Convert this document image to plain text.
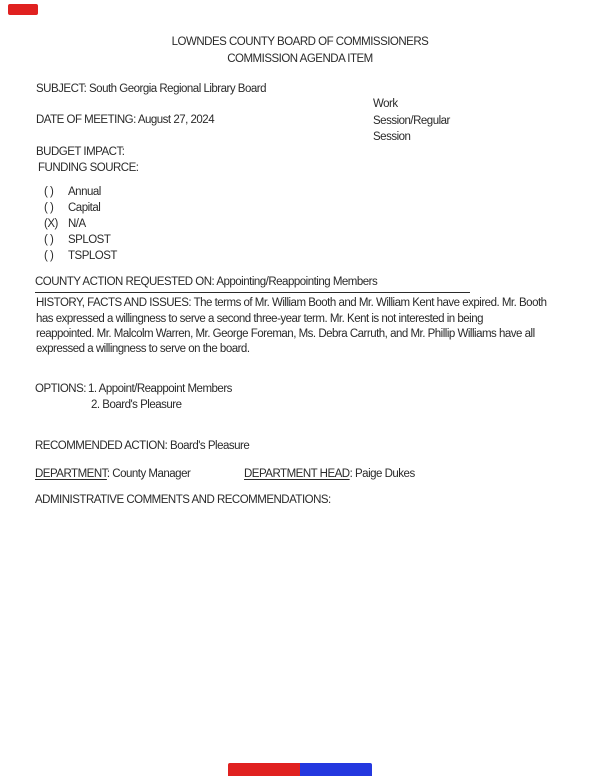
LOWNDES COUNTY BOARD OF COMMISSIONERS
COMMISSION AGENDA ITEM
SUBJECT: South Georgia Regional Library Board
Work
Session/Regular
Session
DATE OF MEETING: August 27, 2024
BUDGET IMPACT:
FUNDING SOURCE:
( ) Annual
( ) Capital
(X) N/A
( ) SPLOST
( ) TSPLOST
COUNTY ACTION REQUESTED ON: Appointing/Reappointing Members
HISTORY, FACTS AND ISSUES: The terms of Mr. William Booth and Mr. William Kent have expired. Mr. Booth
has expressed a willingness to serve a second three-year term. Mr. Kent is not interested in being
reappointed. Mr. Malcolm Warren, Mr. George Foreman, Ms. Debra Carruth, and Mr. Phillip Williams have all
expressed a willingness to serve on the board.
OPTIONS: 1. Appoint/Reappoint Members
2. Board's Pleasure
RECOMMENDED ACTION: Board's Pleasure
DEPARTMENT: County Manager	DEPARTMENT HEAD: Paige Dukes
ADMINISTRATIVE COMMENTS AND RECOMMENDATIONS:
